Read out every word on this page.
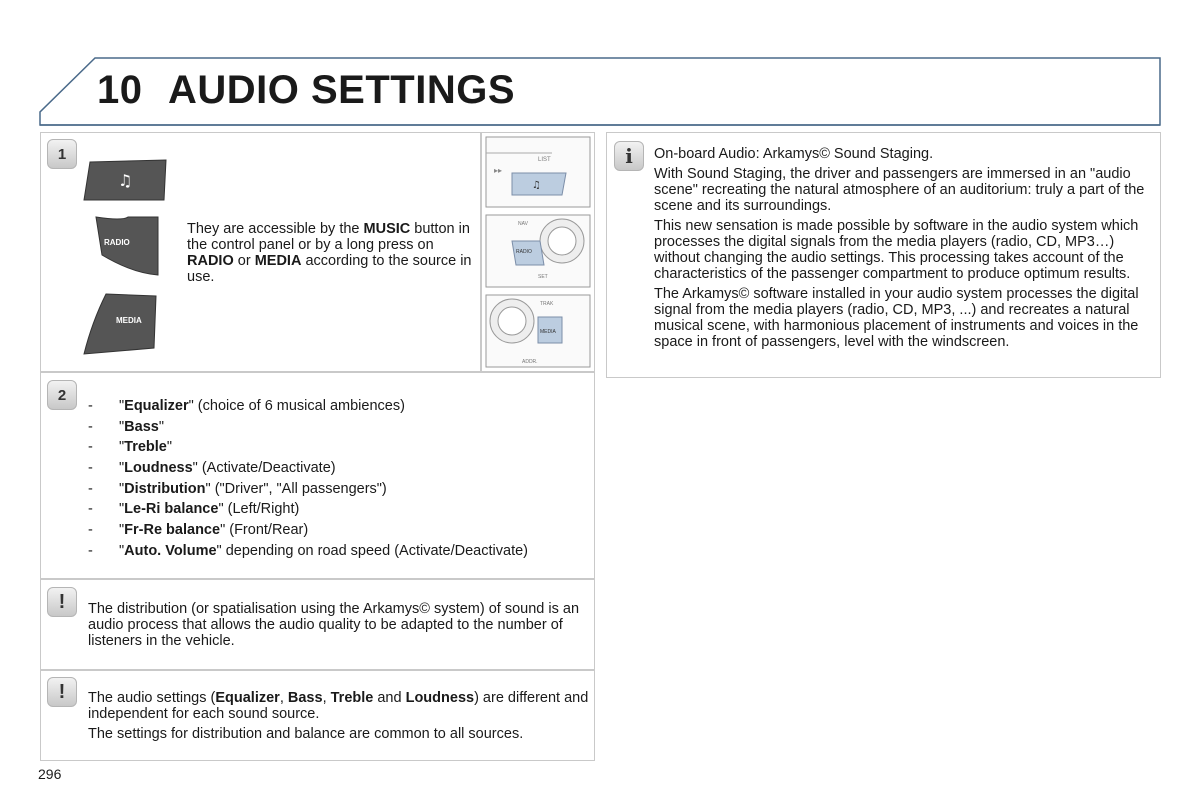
10 AUDIO SETTINGS
LIST
♫
▸▸
NAV
RADIO
SET
TRAK
MEDIA
ADDR.
1
♫
RADIO
MEDIA
They are accessible by the MUSIC button in the control panel or by a long press on RADIO or MEDIA according to the source in use.
2
- "Equalizer" (choice of 6 musical ambiences)
- "Bass"
- "Treble"
- "Loudness" (Activate/Deactivate)
- "Distribution" ("Driver", "All passengers")
- "Le-Ri balance" (Left/Right)
- "Fr-Re balance" (Front/Rear)
- "Auto. Volume" depending on road speed (Activate/Deactivate)
!	The distribution (or spatialisation using the Arkamys© system) of sound is an audio process that allows the audio quality to be adapted to the number of listeners in the vehicle.
!	The audio settings (Equalizer, Bass, Treble and Loudness) are different and independent for each sound source.

The settings for distribution and balance are common to all sources.

i	On-board Audio: Arkamys© Sound Staging.

With Sound Staging, the driver and passengers are immersed in an "audio scene" recreating the natural atmosphere of an auditorium: truly a part of the scene and its surroundings.

This new sensation is made possible by software in the audio system which processes the digital signals from the media players (radio, CD, MP3…) without changing the audio settings. This processing takes account of the characteristics of the passenger compartment to produce optimum results.

The Arkamys© software installed in your audio system processes the digital signal from the media players (radio, CD, MP3, ...) and recreates a natural musical scene, with harmonious placement of instruments and voices in the space in front of passengers, level with the windscreen.

296
